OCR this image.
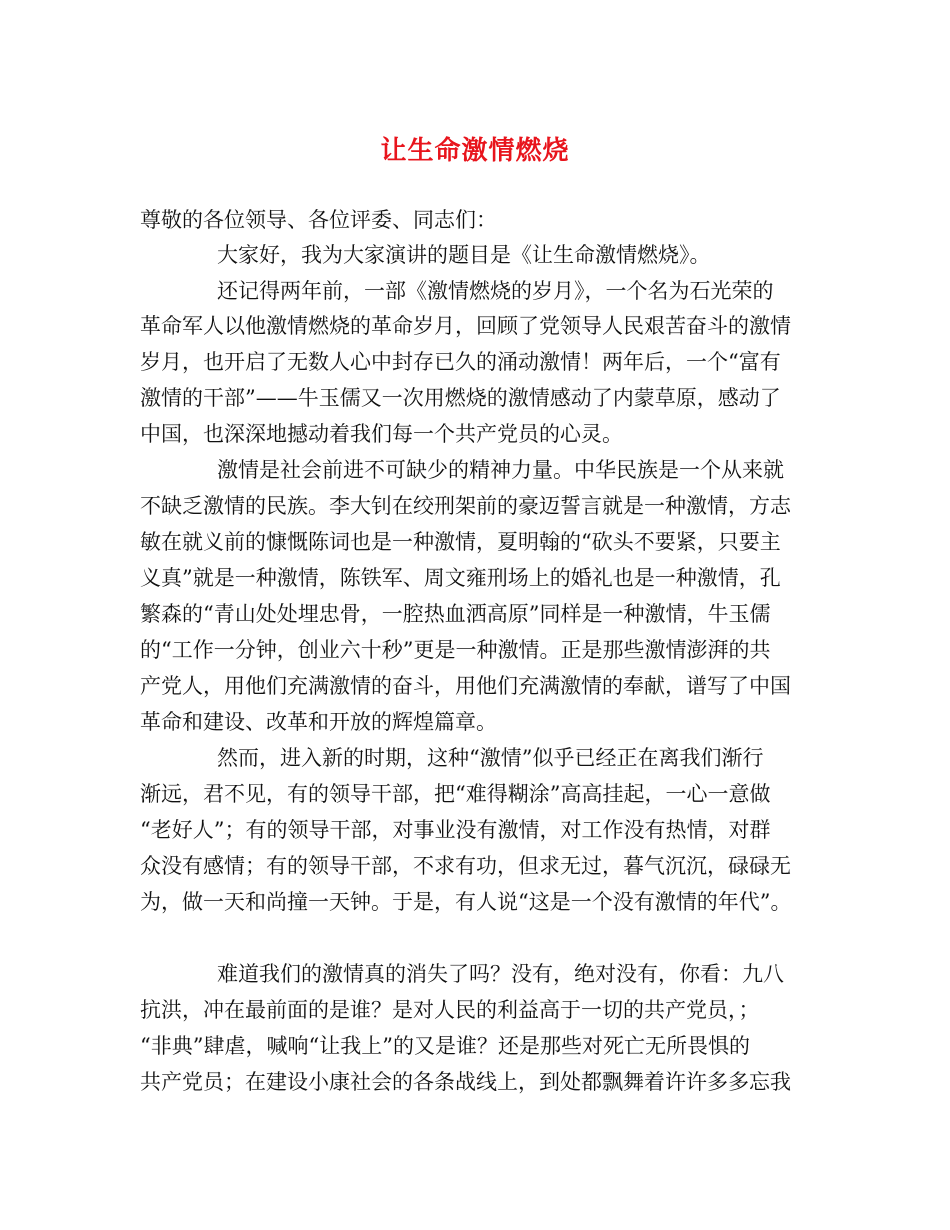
让生命激情燃烧
尊敬的各位领导、各位评委、同志们：
大家好，我为大家演讲的题目是《让生命激情燃烧》。
还记得两年前，一部《激情燃烧的岁月》，一个名为石光荣的
革命军人以他激情燃烧的革命岁月，回顾了党领导人民艰苦奋斗的激情
岁月，也开启了无数人心中封存已久的涌动激情！两年后，一个“富有
激情的干部”——牛玉儒又一次用燃烧的激情感动了内蒙草原，感动了
中国，也深深地撼动着我们每一个共产党员的心灵。
激情是社会前进不可缺少的精神力量。中华民族是一个从来就
不缺乏激情的民族。李大钊在绞刑架前的豪迈誓言就是一种激情，方志
敏在就义前的慷慨陈词也是一种激情，夏明翰的“砍头不要紧，只要主
义真”就是一种激情，陈铁军、周文雍刑场上的婚礼也是一种激情，孔
繁森的“青山处处埋忠骨，一腔热血洒高原”同样是一种激情，牛玉儒
的“工作一分钟，创业六十秒”更是一种激情。正是那些激情澎湃的共
产党人，用他们充满激情的奋斗，用他们充满激情的奉献，谱写了中国
革命和建设、改革和开放的辉煌篇章。
然而，进入新的时期，这种“激情”似乎已经正在离我们渐行
渐远，君不见，有的领导干部，把“难得糊涂”高高挂起，一心一意做
“老好人”；有的领导干部，对事业没有激情，对工作没有热情，对群
众没有感情；有的领导干部，不求有功，但求无过，暮气沉沉，碌碌无
为，做一天和尚撞一天钟。于是，有人说“这是一个没有激情的年代”。
难道我们的激情真的消失了吗？没有，绝对没有，你看：九八
抗洪，冲在最前面的是谁？是对人民的利益高于一切的共产党员，；
“非典”肆虐，喊响“让我上”的又是谁？还是那些对死亡无所畏惧的
共产党员；在建设小康社会的各条战线上，到处都飘舞着许许多多忘我
